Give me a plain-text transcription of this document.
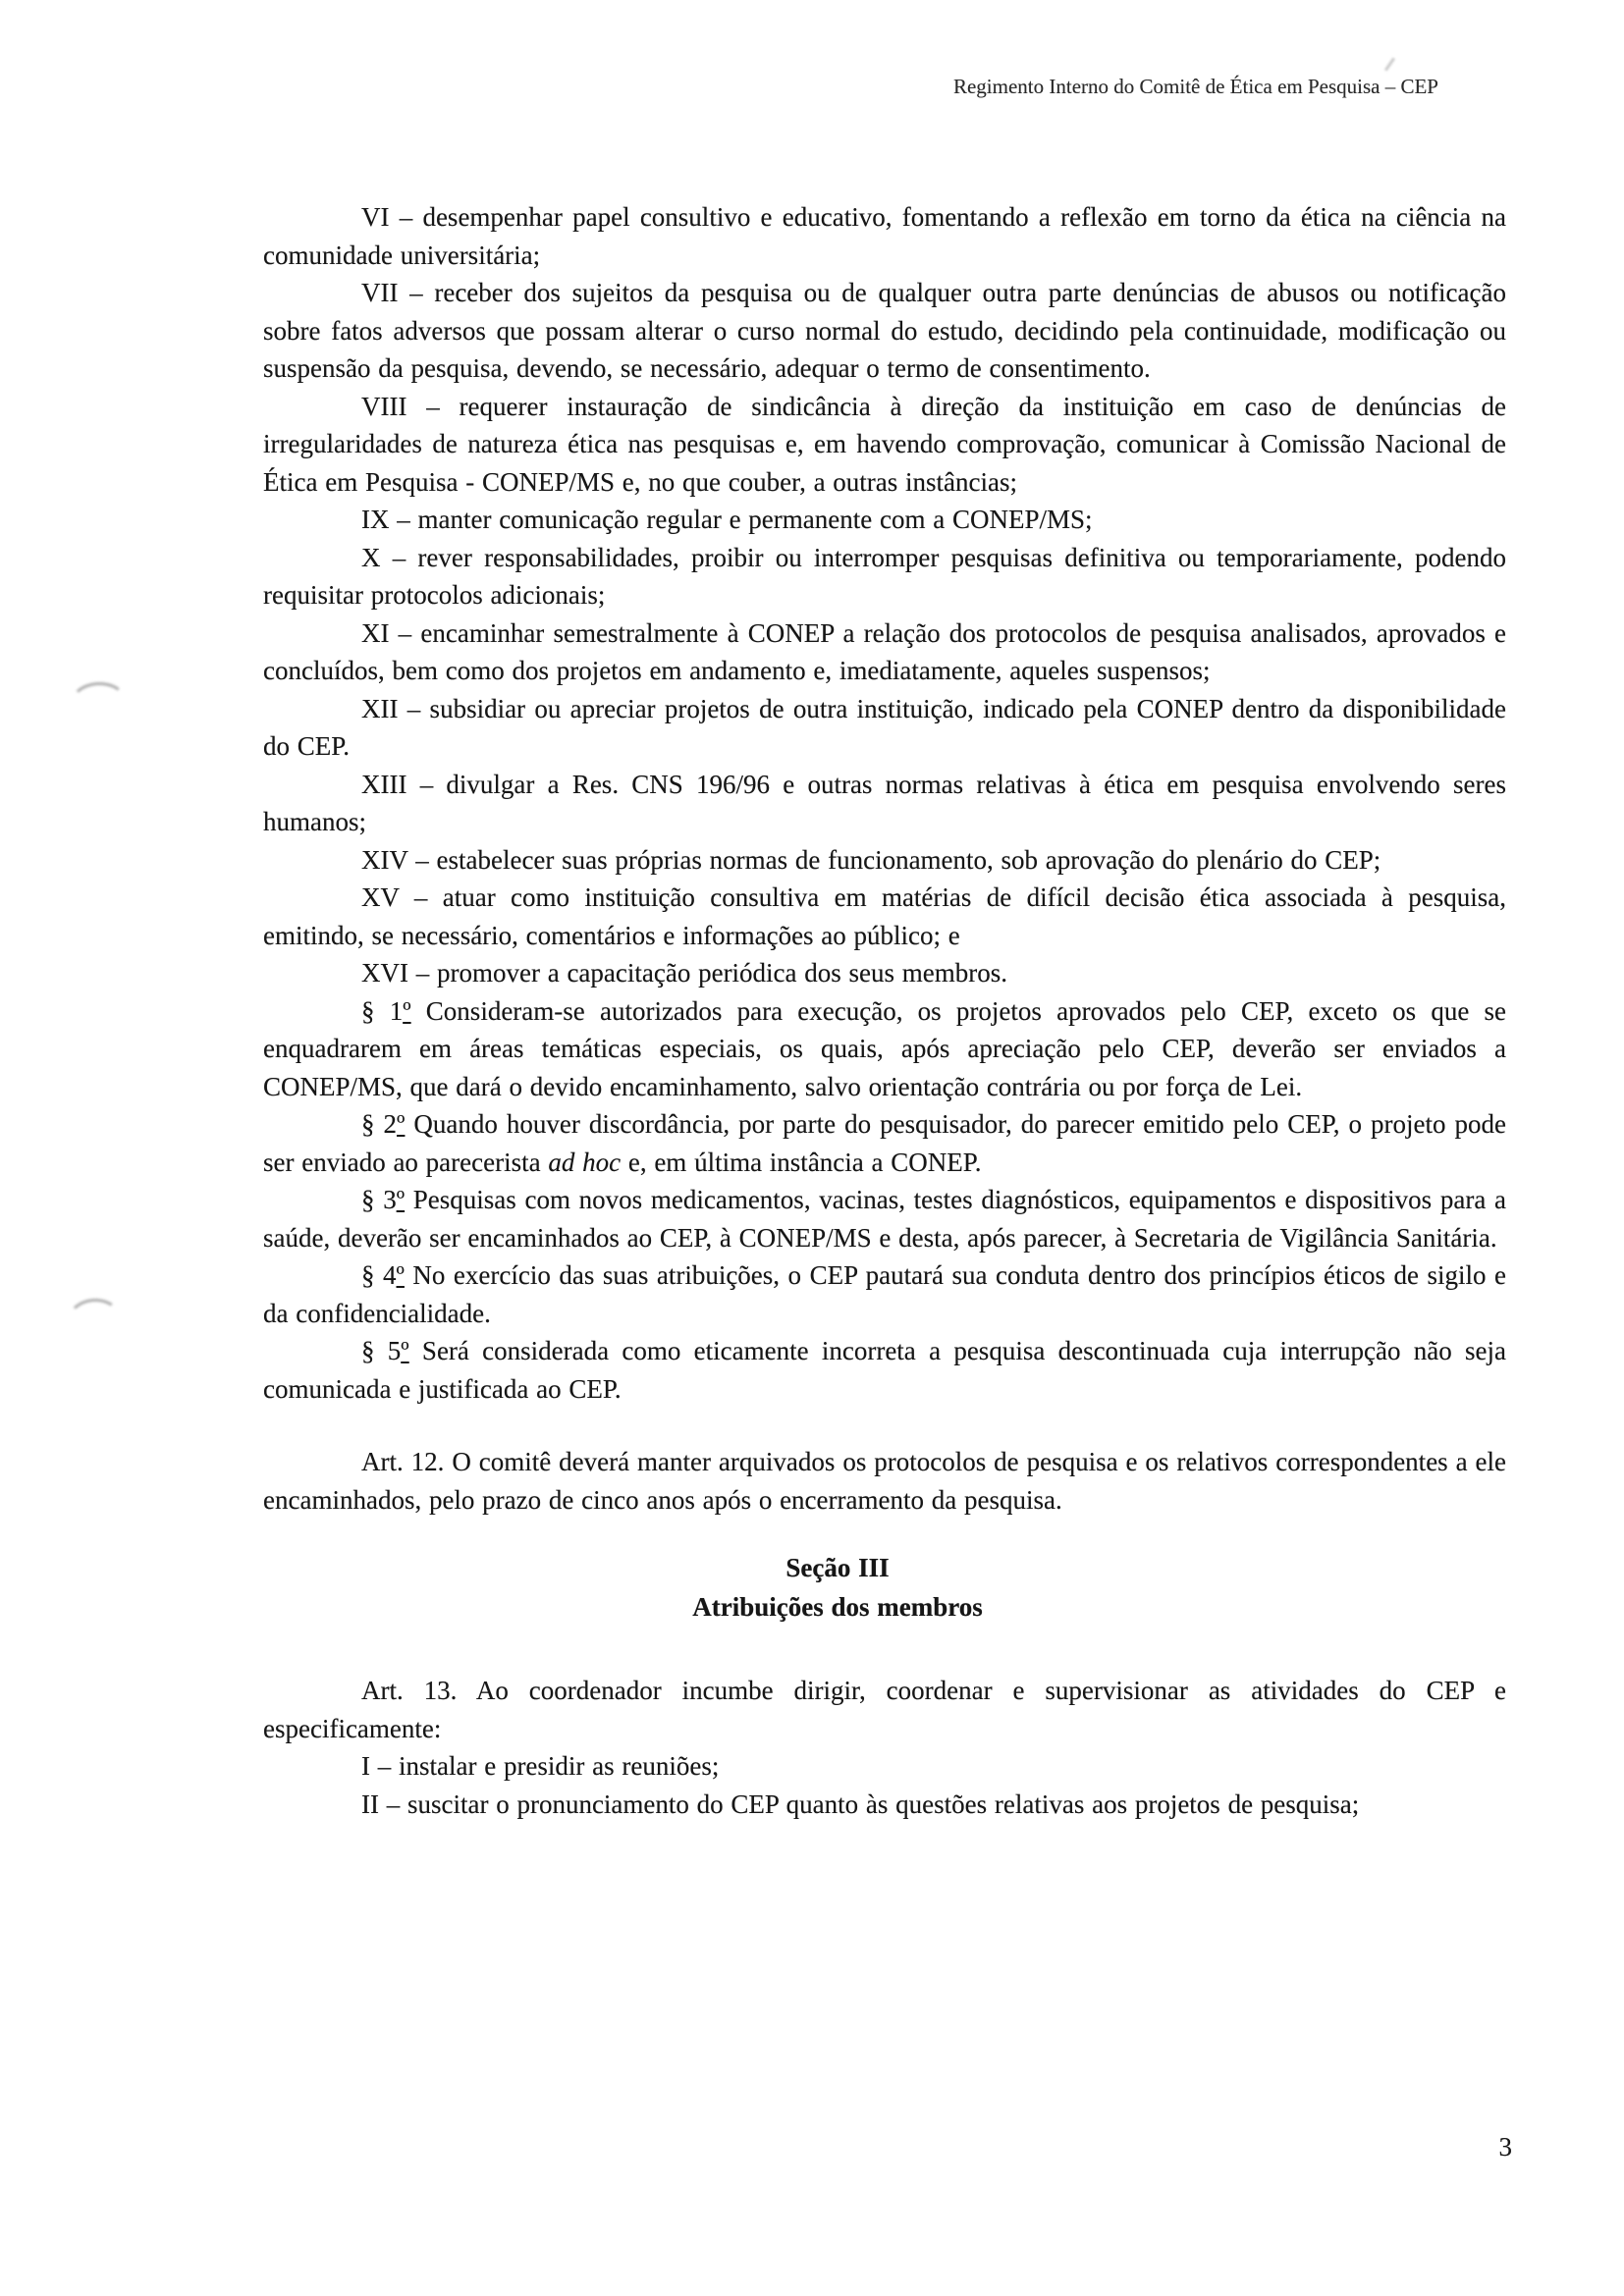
Regimento Interno do Comitê de Ética em Pesquisa – CEP

VI – desempenhar papel consultivo e educativo, fomentando a reflexão em torno da ética na ciência na comunidade universitária;

VII – receber dos sujeitos da pesquisa ou de qualquer outra parte denúncias de abusos ou notificação sobre fatos adversos que possam alterar o curso normal do estudo, decidindo pela continuidade, modificação ou suspensão da pesquisa, devendo, se necessário, adequar o termo de consentimento.

VIII – requerer instauração de sindicância à direção da instituição em caso de denúncias de irregularidades de natureza ética nas pesquisas e, em havendo comprovação, comunicar à Comissão Nacional de Ética em Pesquisa - CONEP/MS e, no que couber, a outras instâncias;

IX – manter comunicação regular e permanente com a CONEP/MS;

X – rever responsabilidades, proibir ou interromper pesquisas definitiva ou temporariamente, podendo requisitar protocolos adicionais;

XI – encaminhar semestralmente à CONEP a relação dos protocolos de pesquisa analisados, aprovados e concluídos, bem como dos projetos em andamento e, imediatamente, aqueles suspensos;

XII – subsidiar ou apreciar projetos de outra instituição, indicado pela CONEP dentro da disponibilidade do CEP.

XIII – divulgar a Res. CNS 196/96 e outras normas relativas à ética em pesquisa envolvendo seres humanos;

XIV – estabelecer suas próprias normas de funcionamento, sob aprovação do plenário do CEP;

XV – atuar como instituição consultiva em matérias de difícil decisão ética associada à pesquisa, emitindo, se necessário, comentários e informações ao público; e

XVI – promover a capacitação periódica dos seus membros.

§ 1º Consideram-se autorizados para execução, os projetos aprovados pelo CEP, exceto os que se enquadrarem em áreas temáticas especiais, os quais, após apreciação pelo CEP, deverão ser enviados a CONEP/MS, que dará o devido encaminhamento, salvo orientação contrária ou por força de Lei.

§ 2º Quando houver discordância, por parte do pesquisador, do parecer emitido pelo CEP, o projeto pode ser enviado ao parecerista ad hoc e, em última instância a CONEP.

§ 3º Pesquisas com novos medicamentos, vacinas, testes diagnósticos, equipamentos e dispositivos para a saúde, deverão ser encaminhados ao CEP, à CONEP/MS e desta, após parecer, à Secretaria de Vigilância Sanitária.

§ 4º No exercício das suas atribuições, o CEP pautará sua conduta dentro dos princípios éticos de sigilo e da confidencialidade.

§ 5º Será considerada como eticamente incorreta a pesquisa descontinuada cuja interrupção não seja comunicada e justificada ao CEP.

Art. 12. O comitê deverá manter arquivados os protocolos de pesquisa e os relativos correspondentes a ele encaminhados, pelo prazo de cinco anos após o encerramento da pesquisa.

Seção III
Atribuições dos membros

Art. 13. Ao coordenador incumbe dirigir, coordenar e supervisionar as atividades do CEP e especificamente:

I – instalar e presidir as reuniões;

II – suscitar o pronunciamento do CEP quanto às questões relativas aos projetos de pesquisa;

3
